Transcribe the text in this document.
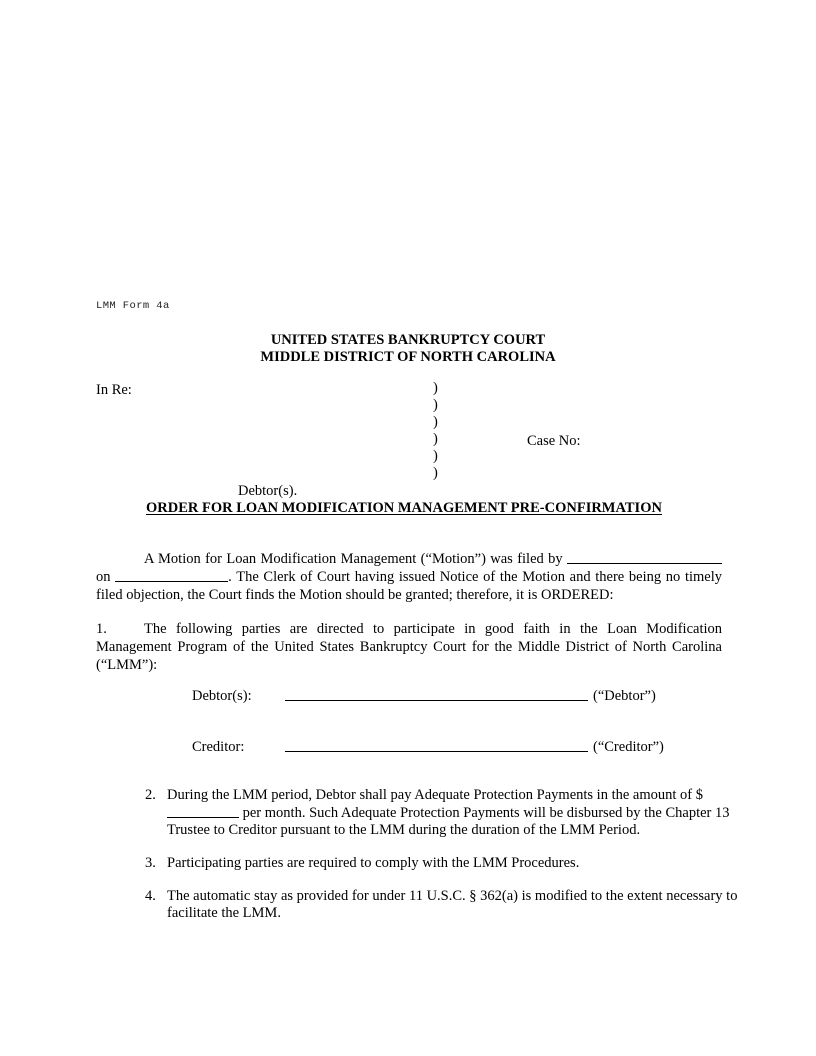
LMM Form 4a
UNITED STATES BANKRUPTCY COURT
MIDDLE DISTRICT OF NORTH CAROLINA
In Re:
Debtor(s).
)
)
)
)
)
)
Case No:
ORDER FOR LOAN MODIFICATION MANAGEMENT PRE-CONFIRMATION
A Motion for Loan Modification Management (“Motion”) was filed by  on	. The Clerk of Court having issued Notice of the Motion and there being no timely filed objection, the Court finds the Motion should be granted; therefore, it is ORDERED:
1.	The following parties are directed to participate in good faith in the Loan Modification Management Program of the United States Bankruptcy Court for the Middle District of North Carolina (“LMM”):
Debtor(s):	(“Debtor”)
Creditor:	(“Creditor”)
2. During the LMM period, Debtor shall pay Adequate Protection Payments in the amount of $ per month. Such Adequate Protection Payments will be disbursed by the Chapter 13 Trustee to Creditor pursuant to the LMM during the duration of the LMM Period.
3. Participating parties are required to comply with the LMM Procedures.
4. The automatic stay as provided for under 11 U.S.C. § 362(a) is modified to the extent necessary to facilitate the LMM.
